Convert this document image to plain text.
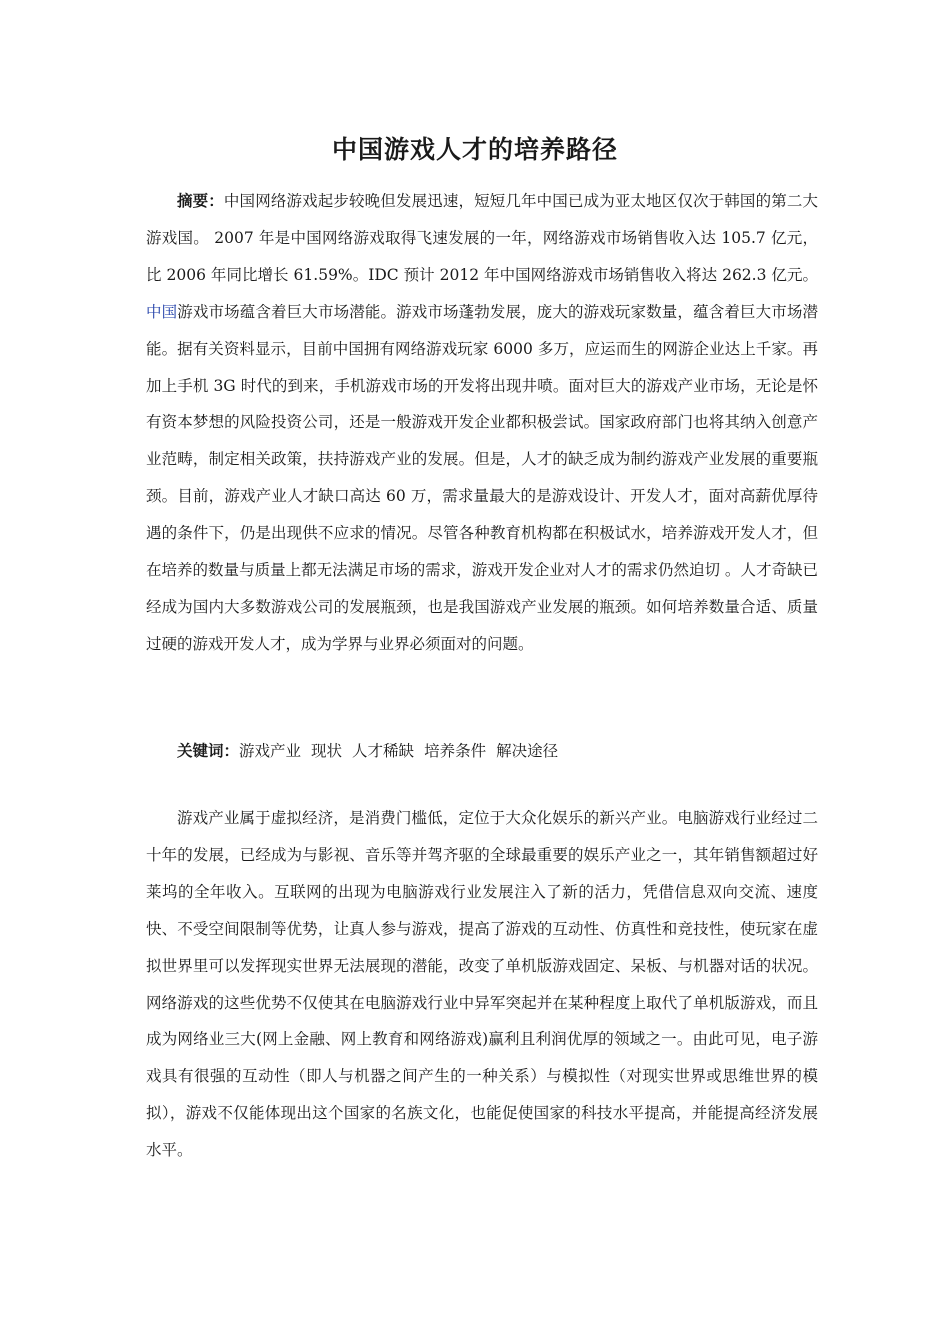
中国游戏人才的培养路径

摘要：中国网络游戏起步较晚但发展迅速，短短几年中国已成为亚太地区仅次于韩国的第二大游戏国。 2007 年是中国网络游戏取得飞速发展的一年，网络游戏市场销售收入达 105.7 亿元，比 2006 年同比增长 61.59%。IDC 预计 2012 年中国网络游戏市场销售收入将达 262.3 亿元。中国游戏市场蕴含着巨大市场潜能。游戏市场蓬勃发展，庞大的游戏玩家数量，蕴含着巨大市场潜能。据有关资料显示，目前中国拥有网络游戏玩家 6000 多万，应运而生的网游企业达上千家。再加上手机 3G 时代的到来，手机游戏市场的开发将出现井喷。面对巨大的游戏产业市场，无论是怀有资本梦想的风险投资公司，还是一般游戏开发企业都积极尝试。国家政府部门也将其纳入创意产业范畴，制定相关政策，扶持游戏产业的发展。但是，人才的缺乏成为制约游戏产业发展的重要瓶颈。目前，游戏产业人才缺口高达 60 万，需求量最大的是游戏设计、开发人才，面对高薪优厚待遇的条件下，仍是出现供不应求的情况。尽管各种教育机构都在积极试水，培养游戏开发人才，但在培养的数量与质量上都无法满足市场的需求，游戏开发企业对人才的需求仍然迫切 。人才奇缺已经成为国内大多数游戏公司的发展瓶颈，也是我国游戏产业发展的瓶颈。如何培养数量合适、质量过硬的游戏开发人才，成为学界与业界必须面对的问题。

关键词：游戏产业 现状 人才稀缺 培养条件 解决途径

游戏产业属于虚拟经济，是消费门槛低，定位于大众化娱乐的新兴产业。电脑游戏行业经过二十年的发展，已经成为与影视、音乐等并驾齐驱的全球最重要的娱乐产业之一，其年销售额超过好莱坞的全年收入。互联网的出现为电脑游戏行业发展注入了新的活力，凭借信息双向交流、速度快、不受空间限制等优势，让真人参与游戏，提高了游戏的互动性、仿真性和竞技性，使玩家在虚拟世界里可以发挥现实世界无法展现的潜能，改变了单机版游戏固定、呆板、与机器对话的状况。网络游戏的这些优势不仅使其在电脑游戏行业中异军突起并在某种程度上取代了单机版游戏，而且成为网络业三大(网上金融、网上教育和网络游戏)赢利且利润优厚的领域之一。由此可见，电子游戏具有很强的互动性（即人与机器之间产生的一种关系）与模拟性（对现实世界或思维世界的模拟），游戏不仅能体现出这个国家的名族文化，也能促使国家的科技水平提高，并能提高经济发展水平。
